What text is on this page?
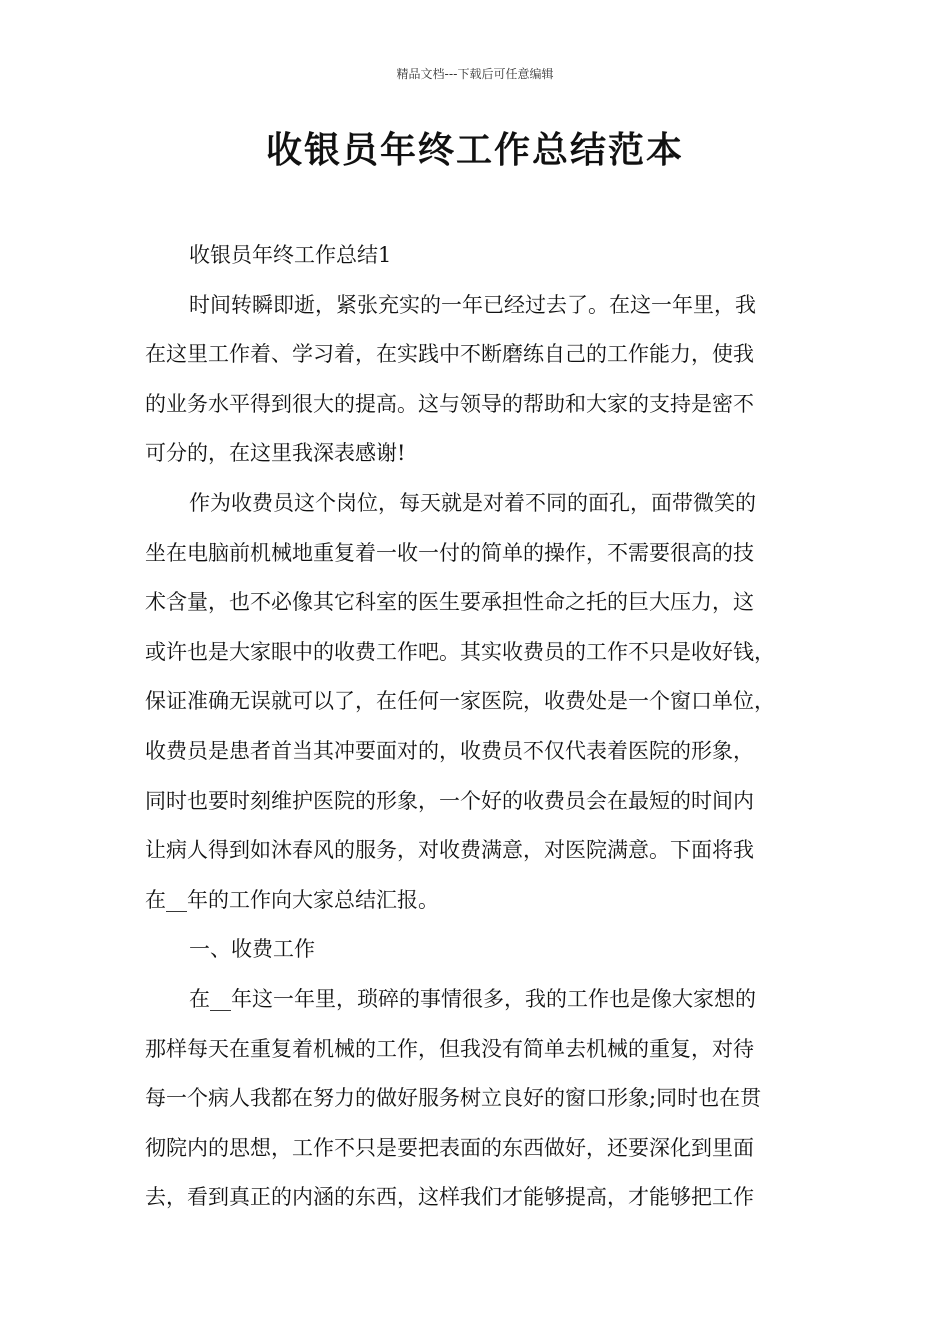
精品文档---下载后可任意编辑
收银员年终工作总结范本
收银员年终工作总结1
时间转瞬即逝，紧张充实的一年已经过去了。在这一年里，我
在这里工作着、学习着，在实践中不断磨练自己的工作能力，使我
的业务水平得到很大的提高。这与领导的帮助和大家的支持是密不
可分的，在这里我深表感谢!
作为收费员这个岗位，每天就是对着不同的面孔，面带微笑的
坐在电脑前机械地重复着一收一付的简单的操作，不需要很高的技
术含量，也不必像其它科室的医生要承担性命之托的巨大压力，这
或许也是大家眼中的收费工作吧。其实收费员的工作不只是收好钱，
保证准确无误就可以了，在任何一家医院，收费处是一个窗口单位，
收费员是患者首当其冲要面对的，收费员不仅代表着医院的形象，
同时也要时刻维护医院的形象，一个好的收费员会在最短的时间内
让病人得到如沐春风的服务，对收费满意，对医院满意。下面将我
在__年的工作向大家总结汇报。
一、收费工作
在__年这一年里，琐碎的事情很多，我的工作也是像大家想的
那样每天在重复着机械的工作，但我没有简单去机械的重复，对待
每一个病人我都在努力的做好服务树立良好的窗口形象;同时也在贯
彻院内的思想，工作不只是要把表面的东西做好，还要深化到里面
去，看到真正的内涵的东西，这样我们才能够提高，才能够把工作
